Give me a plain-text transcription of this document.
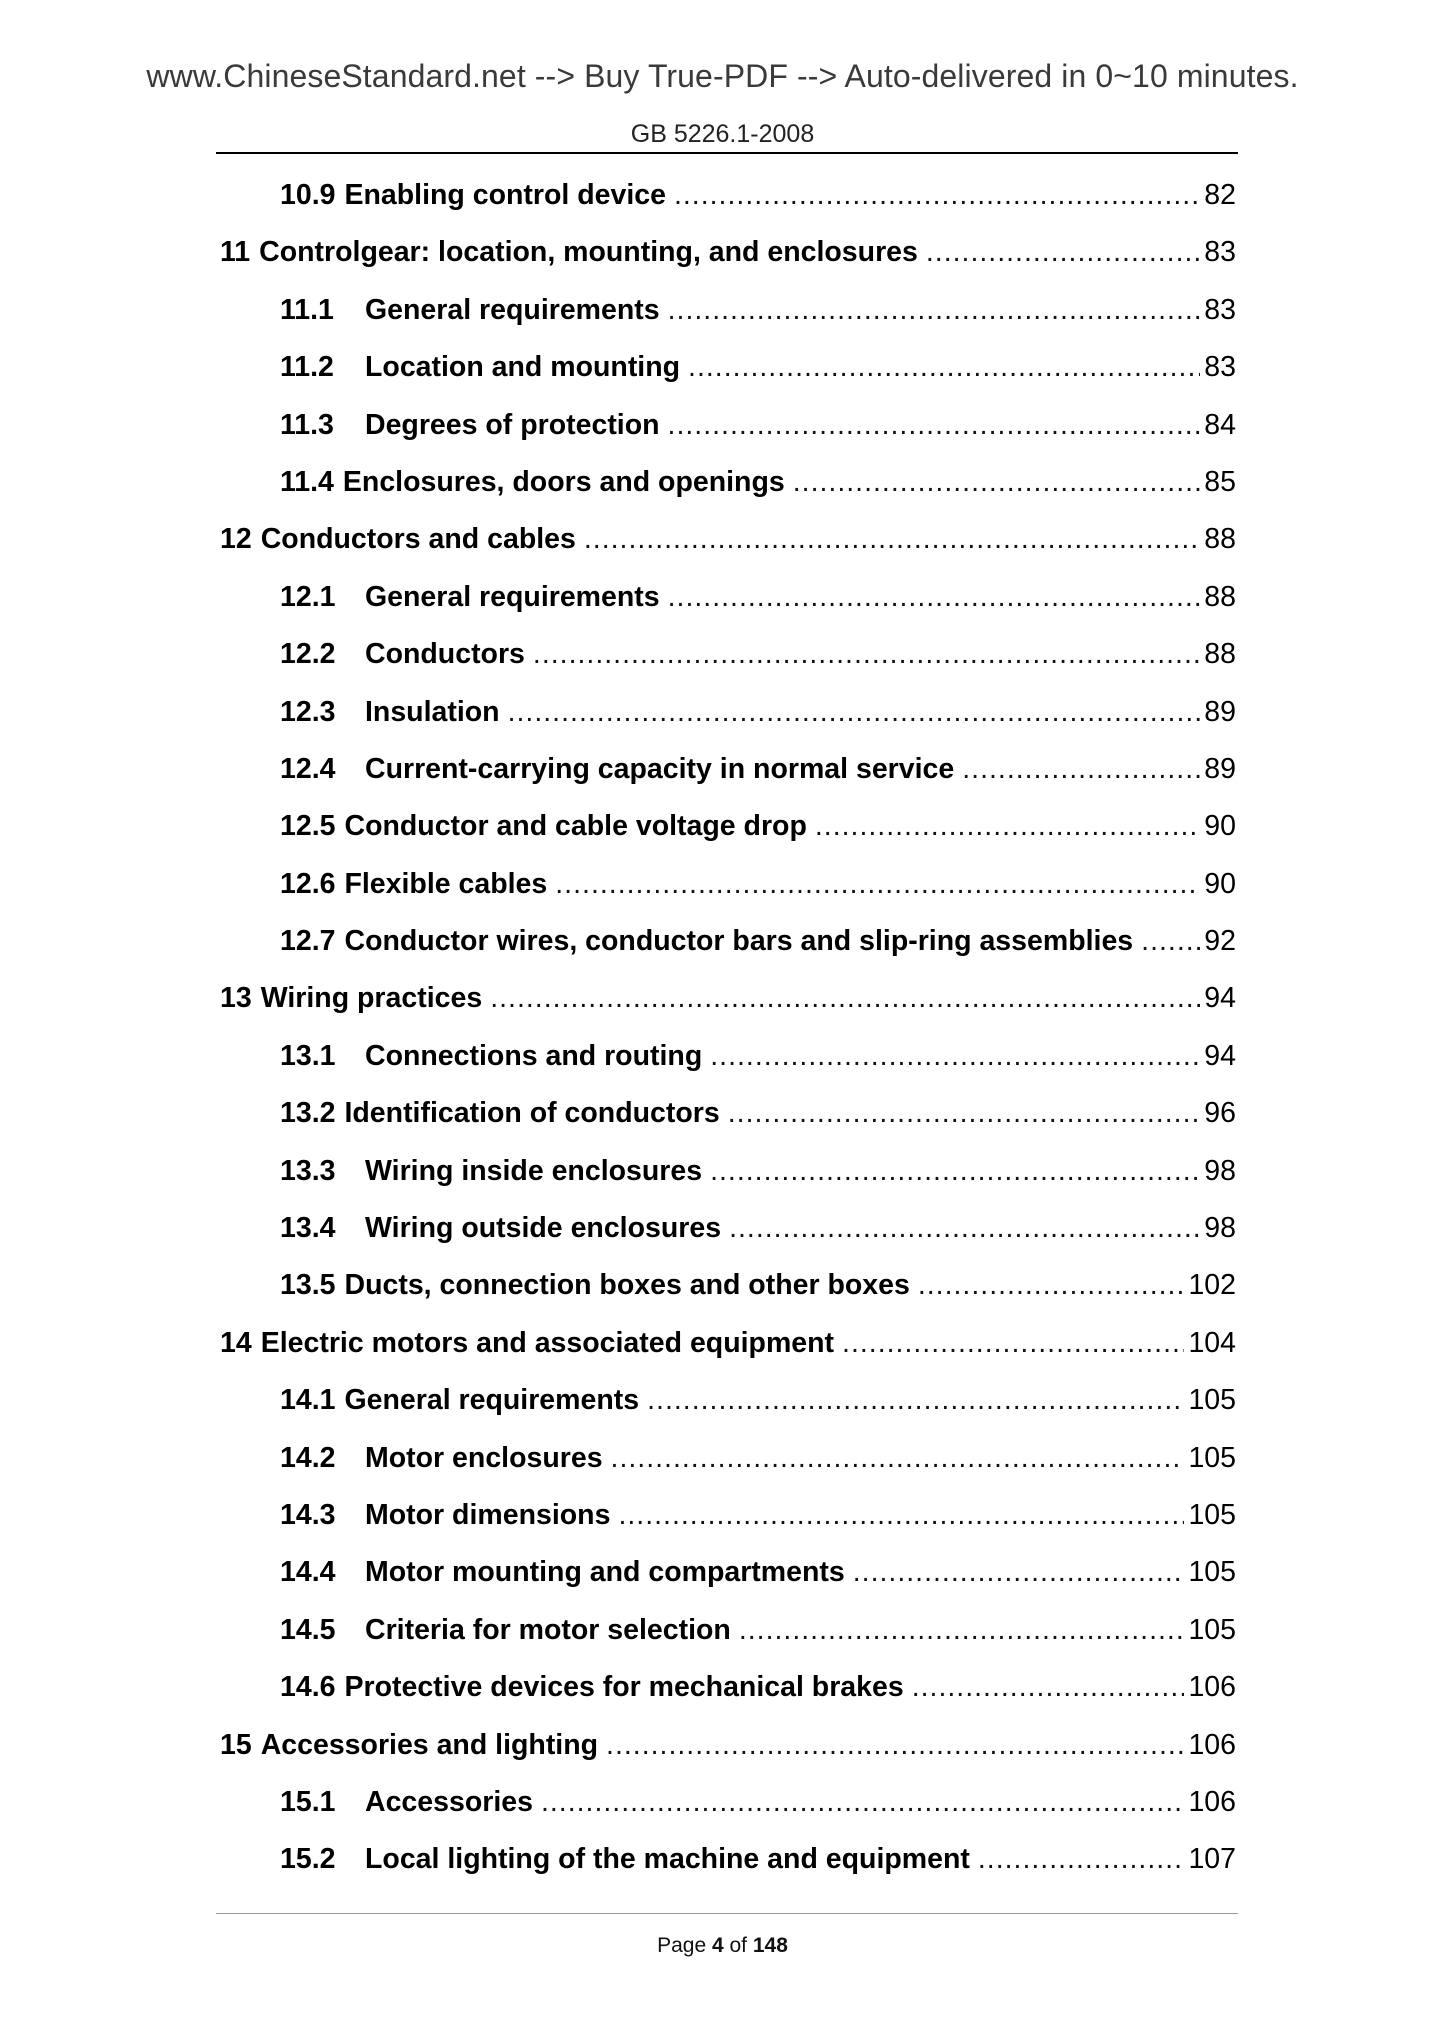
www.ChineseStandard.net --> Buy True-PDF --> Auto-delivered in 0~10 minutes.
GB 5226.1-2008
10.9 Enabling control device .....	82
11 Controlgear: location, mounting, and enclosures .....	83
11.1	General requirements .....	83
11.2	Location and mounting .....	83
11.3	Degrees of protection .....	84
11.4 Enclosures, doors and openings .....	85
12 Conductors and cables .....	88
12.1	General requirements .....	88
12.2	Conductors .....	88
12.3	Insulation .....	89
12.4	Current-carrying capacity in normal service .....	89
12.5 Conductor and cable voltage drop .....	90
12.6 Flexible cables .....	90
12.7 Conductor wires, conductor bars and slip-ring assemblies ..... 92
13 Wiring practices .....	94
13.1	Connections and routing .....	94
13.2 Identification of conductors .....	96
13.3	Wiring inside enclosures .....	98
13.4	Wiring outside enclosures .....	98
13.5 Ducts, connection boxes and other boxes .....	102
14 Electric motors and associated equipment .....	104
14.1 General requirements .....	105
14.2	Motor enclosures .....	105
14.3	Motor dimensions .....	105
14.4	Motor mounting and compartments .....	105
14.5	Criteria for motor selection .....	105
14.6 Protective devices for mechanical brakes .....	106
15 Accessories and lighting .....	106
15.1	Accessories .....	106
15.2	Local lighting of the machine and equipment .....	107
Page 4 of 148
